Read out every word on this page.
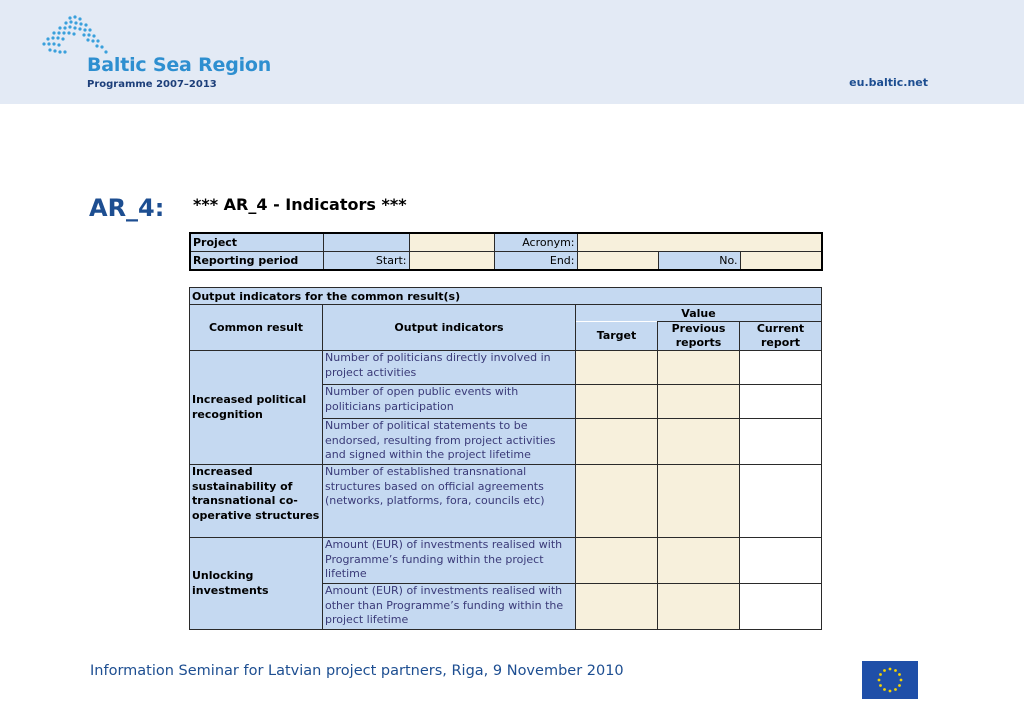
Baltic Sea Region
Programme 2007–2013	eu.baltic.net
AR_4: *** AR_4 - Indicators ***
Project			Acronym:			
Reporting period	Start:		End:		No.	
Output indicators for the common result(s)				
Common result	Output indicators	Value		
		Target	Previous reports	Current report
Increased political recognition	Number of politicians directly involved in project activities			
	Number of open public events with politicians participation			
	Number of political statements to be endorsed, resulting from project activities and signed within the project lifetime			
Increased sustainability of transnational co-operative structures	Number of established transnational structures based on official agreements (networks, platforms, fora, councils etc)			
Unlocking investments	Amount (EUR) of investments realised with Programme’s funding within the project lifetime			
	Amount (EUR) of investments realised with other than Programme’s funding within the project lifetime			
Information Seminar for Latvian project partners, Riga, 9 November 2010
